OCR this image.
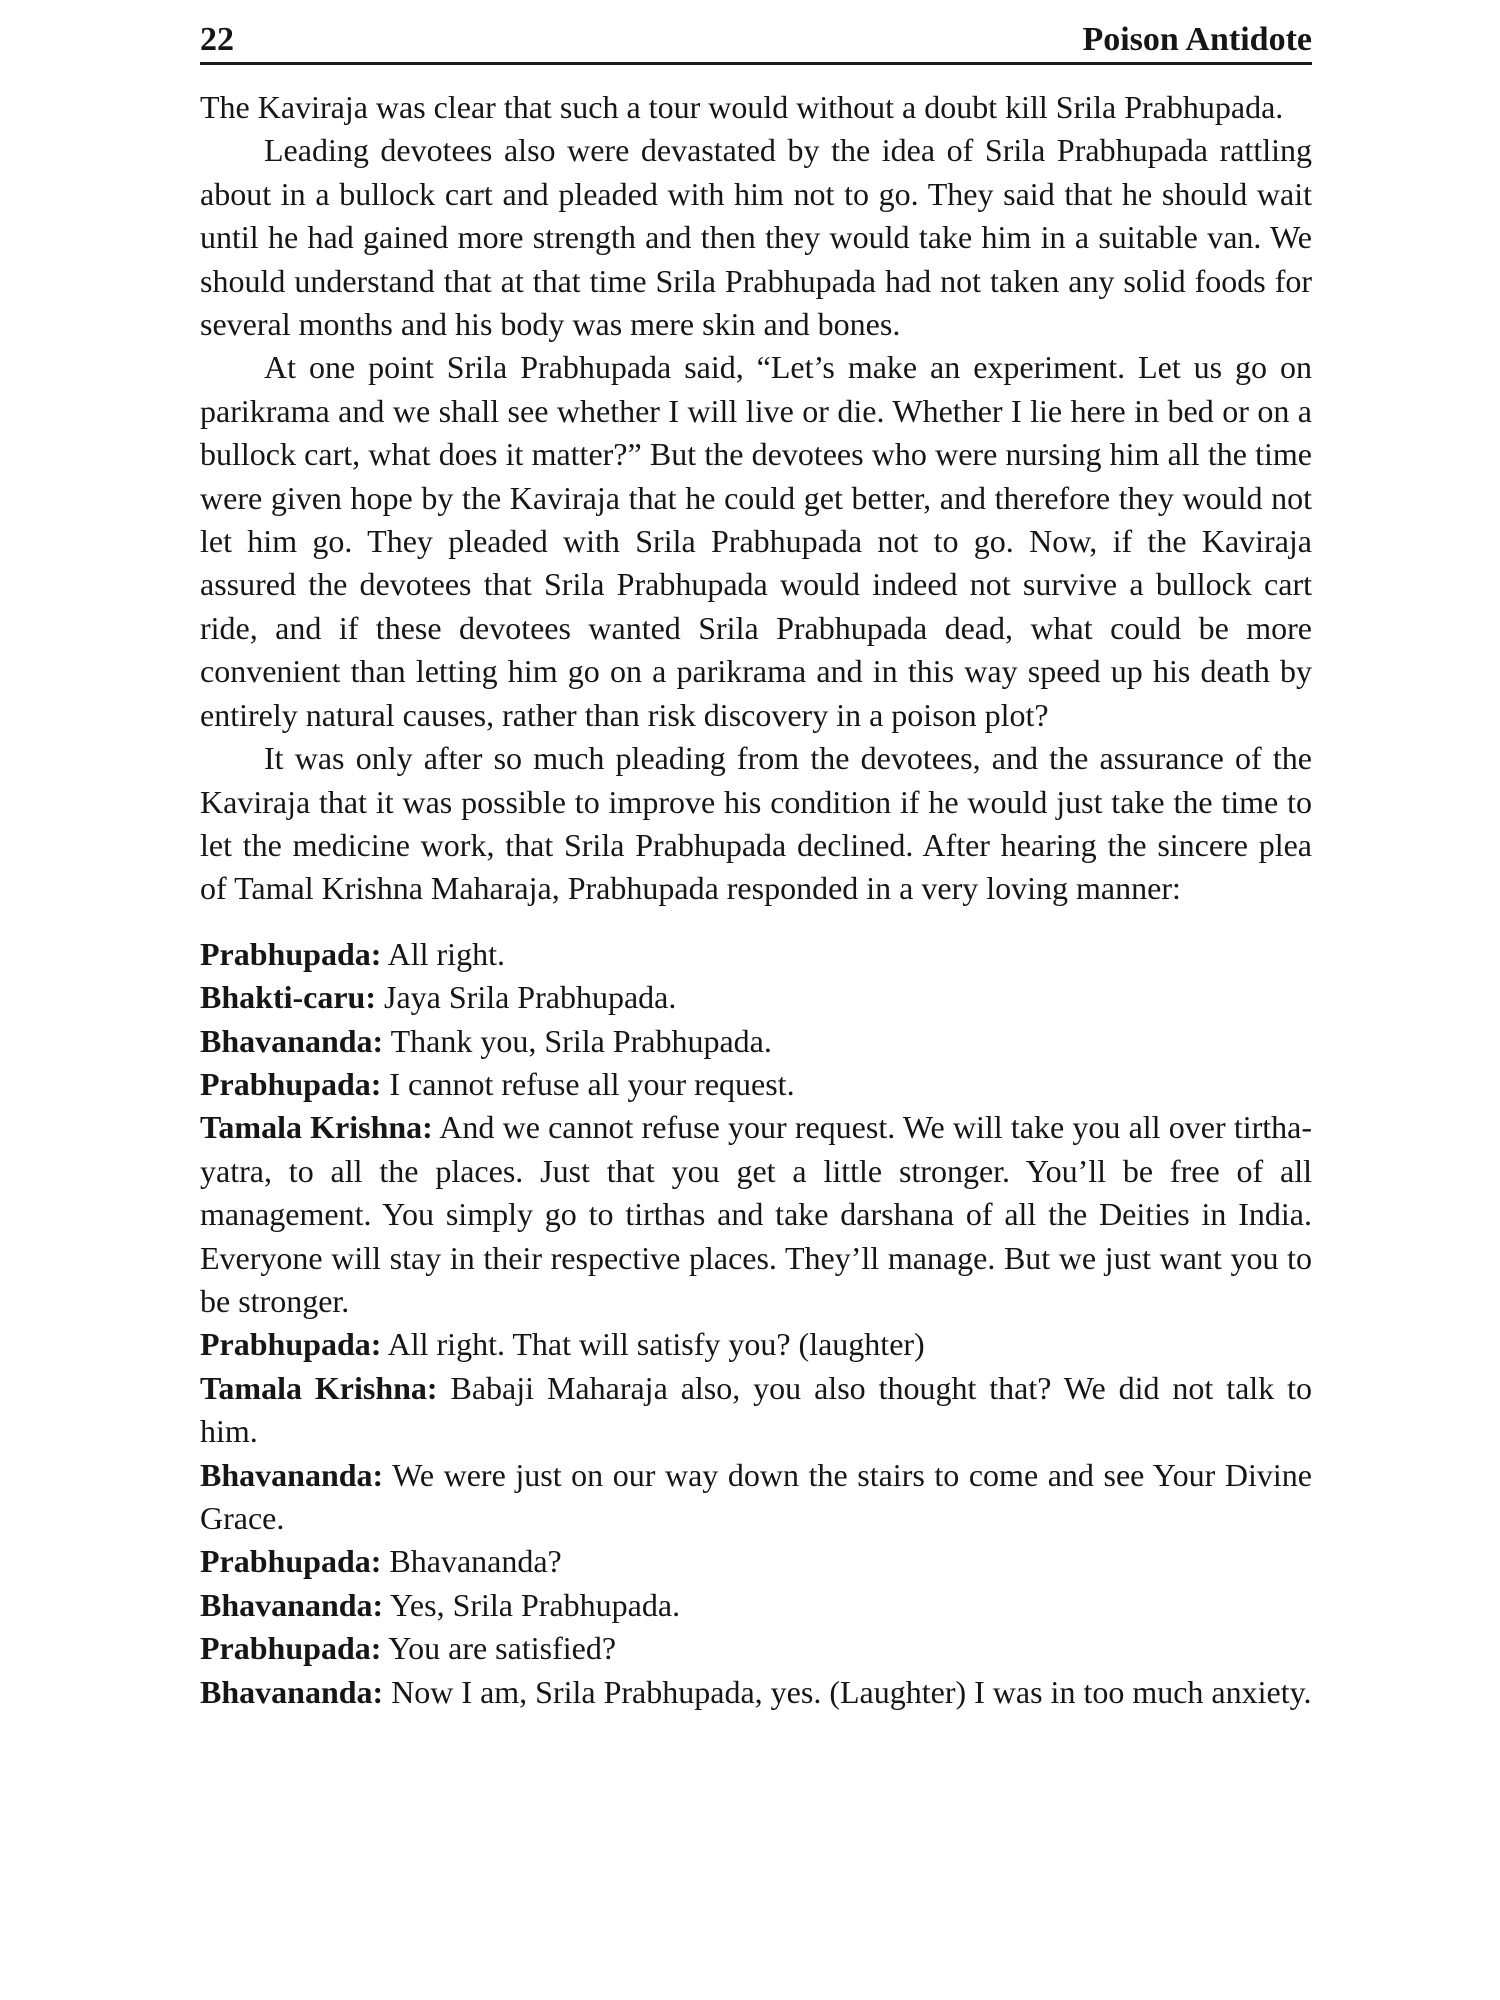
22	Poison Antidote

The Kaviraja was clear that such a tour would without a doubt kill Srila Prabhupada.

Leading devotees also were devastated by the idea of Srila Prabhupada rattling about in a bullock cart and pleaded with him not to go. They said that he should wait until he had gained more strength and then they would take him in a suitable van. We should understand that at that time Srila Prabhupada had not taken any solid foods for several months and his body was mere skin and bones.

At one point Srila Prabhupada said, “Let’s make an experiment. Let us go on parikrama and we shall see whether I will live or die. Whether I lie here in bed or on a bullock cart, what does it matter?” But the devotees who were nursing him all the time were given hope by the Kaviraja that he could get better, and therefore they would not let him go. They pleaded with Srila Prabhupada not to go. Now, if the Kaviraja assured the devotees that Srila Prabhupada would indeed not survive a bullock cart ride, and if these devotees wanted Srila Prabhupada dead, what could be more convenient than letting him go on a parikrama and in this way speed up his death by entirely natural causes, rather than risk discovery in a poison plot?

It was only after so much pleading from the devotees, and the assurance of the Kaviraja that it was possible to improve his condition if he would just take the time to let the medicine work, that Srila Prabhupada declined. After hearing the sincere plea of Tamal Krishna Maharaja, Prabhupada responded in a very loving manner:

Prabhupada: All right.

Bhakti-caru: Jaya Srila Prabhupada.

Bhavananda: Thank you, Srila Prabhupada.

Prabhupada: I cannot refuse all your request.

Tamala Krishna: And we cannot refuse your request. We will take you all over tirtha-yatra, to all the places. Just that you get a little stronger. You’ll be free of all management. You simply go to tirthas and take darshana of all the Deities in India. Everyone will stay in their respective places. They’ll manage. But we just want you to be stronger.

Prabhupada: All right. That will satisfy you? (laughter)

Tamala Krishna: Babaji Maharaja also, you also thought that? We did not talk to him.

Bhavananda: We were just on our way down the stairs to come and see Your Divine Grace.

Prabhupada: Bhavananda?

Bhavananda: Yes, Srila Prabhupada.

Prabhupada: You are satisfied?

Bhavananda: Now I am, Srila Prabhupada, yes. (Laughter) I was in too much anxiety.
